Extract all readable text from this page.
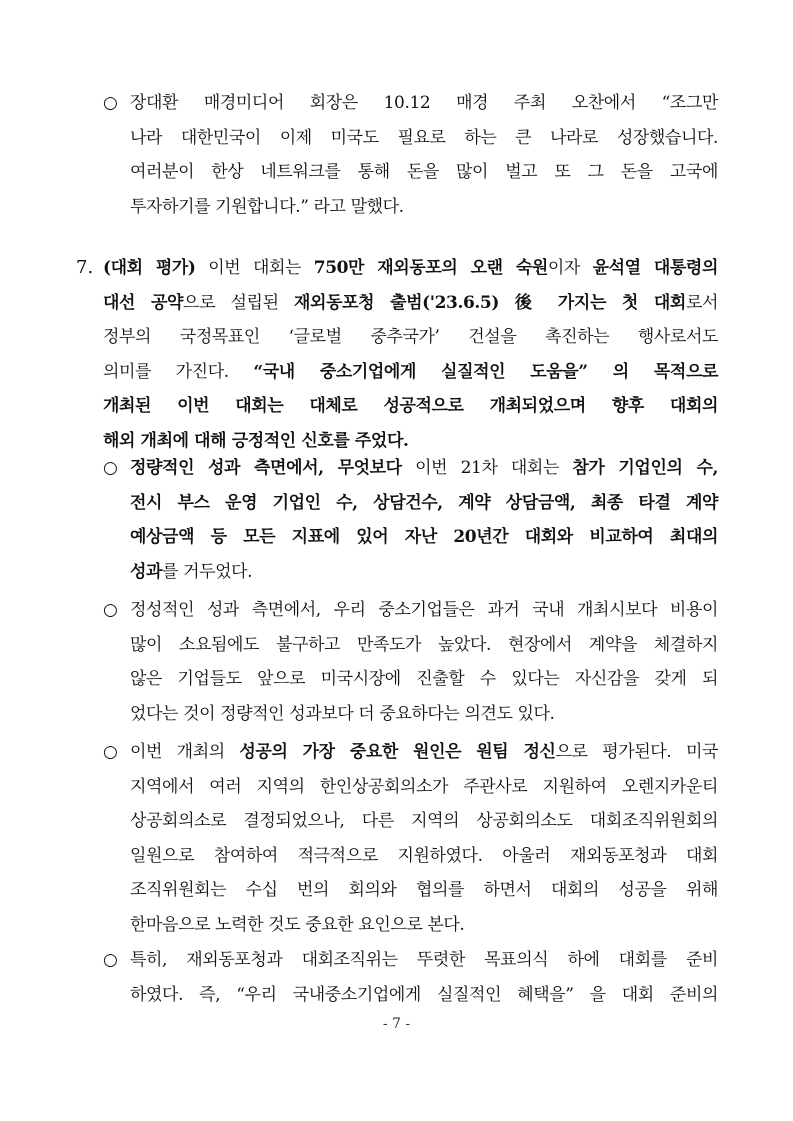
○ 장대환 매경미디어 회장은 10.12 매경 주최 오찬에서 “조그만
나라 대한민국이 이제 미국도 필요로 하는 큰 나라로 성장했습니다.
여러분이 한상 네트워크를 통해 돈을 많이 벌고 또 그 돈을 고국에
투자하기를 기원합니다.” 라고 말했다.
7. (대회 평가) 이번 대회는 750만 재외동포의 오랜 숙원이자 윤석열 대통령의
대선 공약으로 설립된 재외동포청 출범('23.6.5) 後 가지는 첫 대회로서
정부의 국정목표인 ‘글로벌 중추국가’ 건설을 촉진하는 행사로서도
의미를 가진다. “국내 중소기업에게 실질적인 도움을” 의 목적으로
개최된 이번 대회는 대체로 성공적으로 개최되었으며 향후 대회의
해외 개최에 대해 긍정적인 신호를 주었다.
○ 정량적인 성과 측면에서, 무엇보다 이번 21차 대회는 참가 기업인의 수,
전시 부스 운영 기업인 수, 상담건수, 계약 상담금액, 최종 타결 계약
예상금액 등 모든 지표에 있어 자난 20년간 대회와 비교하여 최대의
성과를 거두었다.
○ 정성적인 성과 측면에서, 우리 중소기업들은 과거 국내 개최시보다 비용이
많이 소요됨에도 불구하고 만족도가 높았다. 현장에서 계약을 체결하지
않은 기업들도 앞으로 미국시장에 진출할 수 있다는 자신감을 갖게 되
었다는 것이 정량적인 성과보다 더 중요하다는 의견도 있다.
○ 이번 개최의 성공의 가장 중요한 원인은 원팀 정신으로 평가된다. 미국
지역에서 여러 지역의 한인상공회의소가 주관사로 지원하여 오렌지카운티
상공회의소로 결정되었으나, 다른 지역의 상공회의소도 대회조직위원회의
일원으로 참여하여 적극적으로 지원하였다. 아울러 재외동포청과 대회
조직위원회는 수십 번의 회의와 협의를 하면서 대회의 성공을 위해
한마음으로 노력한 것도 중요한 요인으로 본다.
○ 특히, 재외동포청과 대회조직위는 뚜렷한 목표의식 하에 대회를 준비
하였다. 즉, “우리 국내중소기업에게 실질적인 혜택을” 을 대회 준비의
- 7 -
